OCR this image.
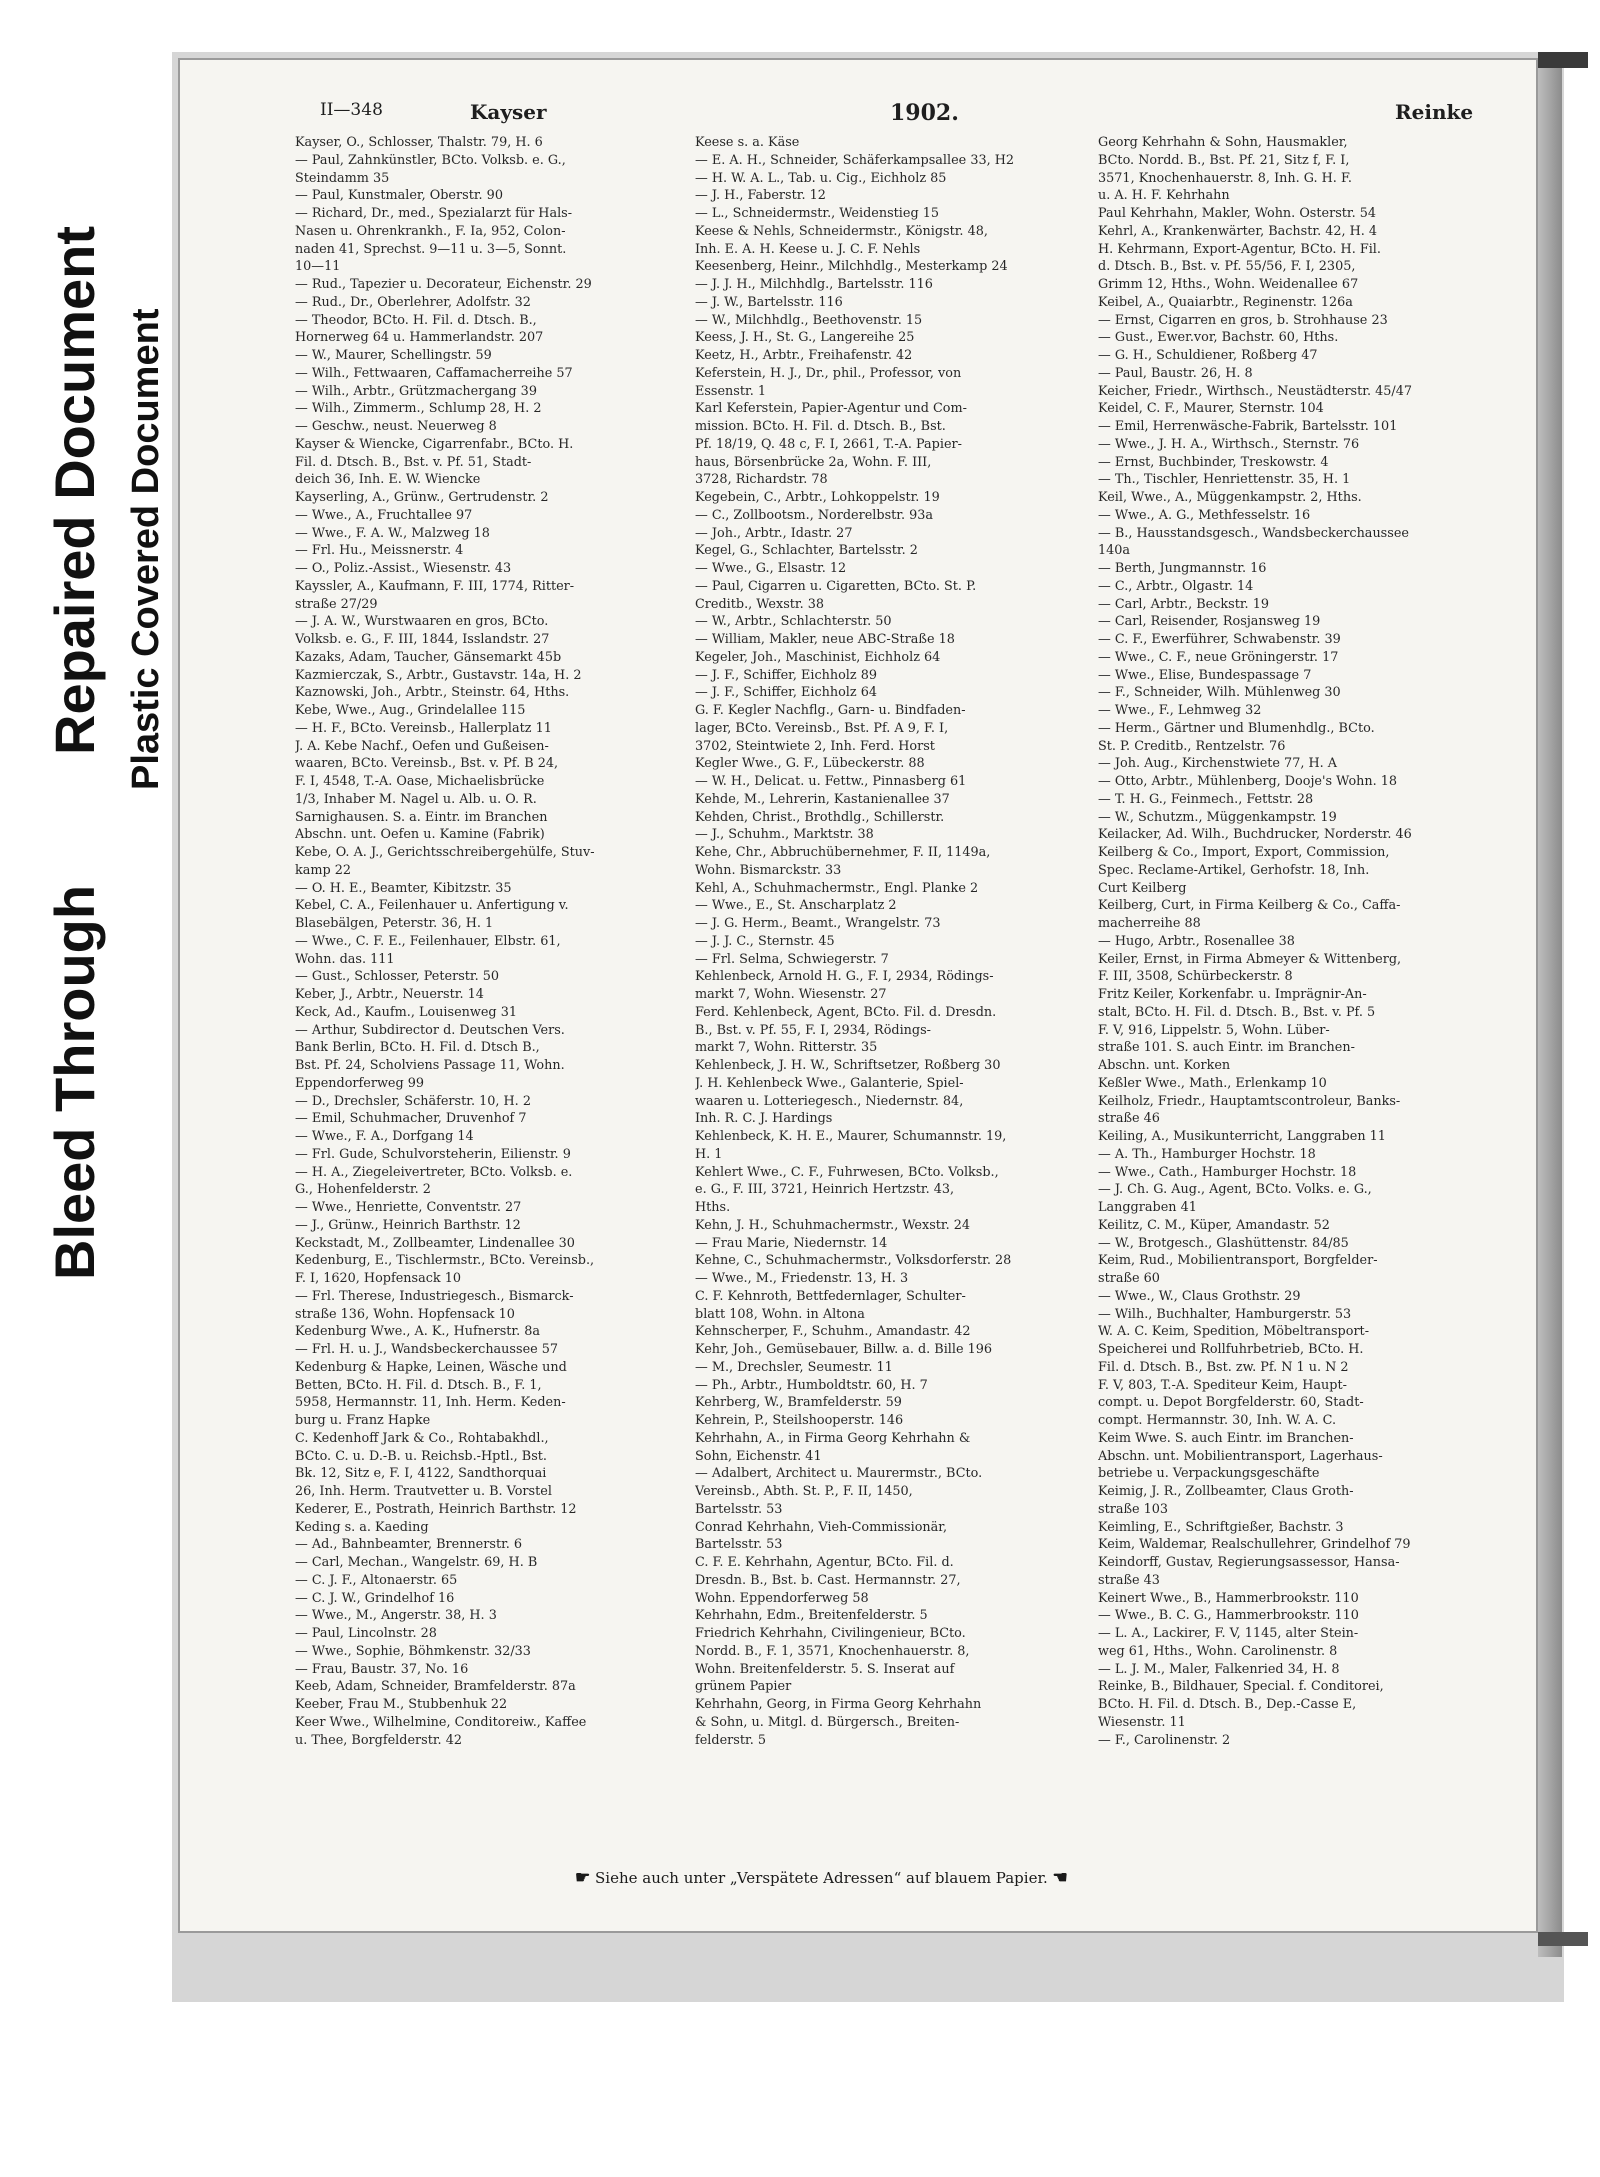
Bleed Through
Repaired Document Plastic Covered Document
II—348	Kayser	1902.	Reinke
Kayser, O., Schlosser, Thalstr. 79, H. 6
— Paul, Zahnkünstler, BCto. Volksb. e. G.,
Steindamm 35
— Paul, Kunstmaler, Oberstr. 90
— Richard, Dr., med., Spezialarzt für Hals-
Nasen u. Ohrenkrankh., F. Ia, 952, Colon-
naden 41, Sprechst. 9—11 u. 3—5, Sonnt.
10—11
— Rud., Tapezier u. Decorateur, Eichenstr. 29
— Rud., Dr., Oberlehrer, Adolfstr. 32
— Theodor, BCto. H. Fil. d. Dtsch. B.,
Hornerweg 64 u. Hammerlandstr. 207
— W., Maurer, Schellingstr. 59
— Wilh., Fettwaaren, Caffamacherreihe 57
— Wilh., Arbtr., Grützmachergang 39
— Wilh., Zimmerm., Schlump 28, H. 2
— Geschw., neust. Neuerweg 8
Kayser & Wiencke, Cigarrenfabr., BCto. H.
Fil. d. Dtsch. B., Bst. v. Pf. 51, Stadt-
deich 36, Inh. E. W. Wiencke
Kayserling, A., Grünw., Gertrudenstr. 2
— Wwe., A., Fruchtallee 97
— Wwe., F. A. W., Malzweg 18
— Frl. Hu., Meissnerstr. 4
— O., Poliz.-Assist., Wiesenstr. 43
Kayssler, A., Kaufmann, F. III, 1774, Ritter-
straße 27/29
— J. A. W., Wurstwaaren en gros, BCto.
Volksb. e. G., F. III, 1844, Isslandstr. 27
Kazaks, Adam, Taucher, Gänsemarkt 45b
Kazmierczak, S., Arbtr., Gustavstr. 14a, H. 2
Kaznowski, Joh., Arbtr., Steinstr. 64, Hths.
Kebe, Wwe., Aug., Grindelallee 115
— H. F., BCto. Vereinsb., Hallerplatz 11
J. A. Kebe Nachf., Oefen und Gußeisen-
waaren, BCto. Vereinsb., Bst. v. Pf. B 24,
F. I, 4548, T.-A. Oase, Michaelisbrücke
1/3, Inhaber M. Nagel u. Alb. u. O. R.
Sarnighausen. S. a. Eintr. im Branchen
Abschn. unt. Oefen u. Kamine (Fabrik)
Kebe, O. A. J., Gerichtsschreibergehülfe, Stuv-
kamp 22
— O. H. E., Beamter, Kibitzstr. 35
Kebel, C. A., Feilenhauer u. Anfertigung v.
Blasebälgen, Peterstr. 36, H. 1
— Wwe., C. F. E., Feilenhauer, Elbstr. 61,
Wohn. das. 111
— Gust., Schlosser, Peterstr. 50
Keber, J., Arbtr., Neuerstr. 14
Keck, Ad., Kaufm., Louisenweg 31
— Arthur, Subdirector d. Deutschen Vers.
Bank Berlin, BCto. H. Fil. d. Dtsch B.,
Bst. Pf. 24, Scholviens Passage 11, Wohn.
Eppendorferweg 99
— D., Drechsler, Schäferstr. 10, H. 2
— Emil, Schuhmacher, Druvenhof 7
— Wwe., F. A., Dorfgang 14
— Frl. Gude, Schulvorsteherin, Eilienstr. 9
— H. A., Ziegeleivertreter, BCto. Volksb. e.
G., Hohenfelderstr. 2
— Wwe., Henriette, Conventstr. 27
— J., Grünw., Heinrich Barthstr. 12
Keckstadt, M., Zollbeamter, Lindenallee 30
Kedenburg, E., Tischlermstr., BCto. Vereinsb.,
F. I, 1620, Hopfensack 10
— Frl. Therese, Industriegesch., Bismarck-
straße 136, Wohn. Hopfensack 10
Kedenburg Wwe., A. K., Hufnerstr. 8a
— Frl. H. u. J., Wandsbeckerchaussee 57
Kedenburg & Hapke, Leinen, Wäsche und
Betten, BCto. H. Fil. d. Dtsch. B., F. 1,
5958, Hermannstr. 11, Inh. Herm. Keden-
burg u. Franz Hapke
C. Kedenhoff Jark & Co., Rohtabakhdl.,
BCto. C. u. D.-B. u. Reichsb.-Hptl., Bst.
Bk. 12, Sitz e, F. I, 4122, Sandthorquai
26, Inh. Herm. Trautvetter u. B. Vorstel
Kederer, E., Postrath, Heinrich Barthstr. 12
Keding s. a. Kaeding
— Ad., Bahnbeamter, Brennerstr. 6
— Carl, Mechan., Wangelstr. 69, H. B
— C. J. F., Altonaerstr. 65
— C. J. W., Grindelhof 16
— Wwe., M., Angerstr. 38, H. 3
— Paul, Lincolnstr. 28
— Wwe., Sophie, Böhmkenstr. 32/33
— Frau, Baustr. 37, No. 16
Keeb, Adam, Schneider, Bramfelderstr. 87a
Keeber, Frau M., Stubbenhuk 22
Keer Wwe., Wilhelmine, Conditoreiw., Kaffee
u. Thee, Borgfelderstr. 42
Keese s. a. Käse
— E. A. H., Schneider, Schäferkampsallee 33, H2
— H. W. A. L., Tab. u. Cig., Eichholz 85
— J. H., Faberstr. 12
— L., Schneidermstr., Weidenstieg 15
Keese & Nehls, Schneidermstr., Königstr. 48,
Inh. E. A. H. Keese u. J. C. F. Nehls
Keesenberg, Heinr., Milchhdlg., Mesterkamp 24
— J. J. H., Milchhdlg., Bartelsstr. 116
— J. W., Bartelsstr. 116
— W., Milchhdlg., Beethovenstr. 15
Keess, J. H., St. G., Langereihe 25
Keetz, H., Arbtr., Freihafenstr. 42
Keferstein, H. J., Dr., phil., Professor, von
Essenstr. 1
Karl Keferstein, Papier-Agentur und Com-
mission. BCto. H. Fil. d. Dtsch. B., Bst.
Pf. 18/19, Q. 48 c, F. I, 2661, T.-A. Papier-
haus, Börsenbrücke 2a, Wohn. F. III,
3728, Richardstr. 78
Kegebein, C., Arbtr., Lohkoppelstr. 19
— C., Zollbootsm., Norderelbstr. 93a
— Joh., Arbtr., Idastr. 27
Kegel, G., Schlachter, Bartelsstr. 2
— Wwe., G., Elsastr. 12
— Paul, Cigarren u. Cigaretten, BCto. St. P.
Creditb., Wexstr. 38
— W., Arbtr., Schlachterstr. 50
— William, Makler, neue ABC-Straße 18
Kegeler, Joh., Maschinist, Eichholz 64
— J. F., Schiffer, Eichholz 89
— J. F., Schiffer, Eichholz 64
G. F. Kegler Nachflg., Garn- u. Bindfaden-
lager, BCto. Vereinsb., Bst. Pf. A 9, F. I,
3702, Steintwiete 2, Inh. Ferd. Horst
Kegler Wwe., G. F., Lübeckerstr. 88
— W. H., Delicat. u. Fettw., Pinnasberg 61
Kehde, M., Lehrerin, Kastanienallee 37
Kehden, Christ., Brothdlg., Schillerstr.
— J., Schuhm., Marktstr. 38
Kehe, Chr., Abbruchübernehmer, F. II, 1149a,
Wohn. Bismarckstr. 33
Kehl, A., Schuhmachermstr., Engl. Planke 2
— Wwe., E., St. Anscharplatz 2
— J. G. Herm., Beamt., Wrangelstr. 73
— J. J. C., Sternstr. 45
— Frl. Selma, Schwiegerstr. 7
Kehlenbeck, Arnold H. G., F. I, 2934, Rödings-
markt 7, Wohn. Wiesenstr. 27
Ferd. Kehlenbeck, Agent, BCto. Fil. d. Dresdn.
B., Bst. v. Pf. 55, F. I, 2934, Rödings-
markt 7, Wohn. Ritterstr. 35
Kehlenbeck, J. H. W., Schriftsetzer, Roßberg 30
J. H. Kehlenbeck Wwe., Galanterie, Spiel-
waaren u. Lotteriegesch., Niedernstr. 84,
Inh. R. C. J. Hardings
Kehlenbeck, K. H. E., Maurer, Schumannstr. 19,
H. 1
Kehlert Wwe., C. F., Fuhrwesen, BCto. Volksb.,
e. G., F. III, 3721, Heinrich Hertzstr. 43,
Hths.
Kehn, J. H., Schuhmachermstr., Wexstr. 24
— Frau Marie, Niedernstr. 14
Kehne, C., Schuhmachermstr., Volksdorferstr. 28
— Wwe., M., Friedenstr. 13, H. 3
C. F. Kehnroth, Bettfedernlager, Schulter-
blatt 108, Wohn. in Altona
Kehnscherper, F., Schuhm., Amandastr. 42
Kehr, Joh., Gemüsebauer, Billw. a. d. Bille 196
— M., Drechsler, Seumestr. 11
— Ph., Arbtr., Humboldtstr. 60, H. 7
Kehrberg, W., Bramfelderstr. 59
Kehrein, P., Steilshooperstr. 146
Kehrhahn, A., in Firma Georg Kehrhahn &
Sohn, Eichenstr. 41
— Adalbert, Architect u. Maurermstr., BCto.
Vereinsb., Abth. St. P., F. II, 1450,
Bartelsstr. 53
Conrad Kehrhahn, Vieh-Commissionär,
Bartelsstr. 53
C. F. E. Kehrhahn, Agentur, BCto. Fil. d.
Dresdn. B., Bst. b. Cast. Hermannstr. 27,
Wohn. Eppendorferweg 58
Kehrhahn, Edm., Breitenfelderstr. 5
Friedrich Kehrhahn, Civilingenieur, BCto.
Nordd. B., F. 1, 3571, Knochenhauerstr. 8,
Wohn. Breitenfelderstr. 5. S. Inserat auf
grünem Papier
Kehrhahn, Georg, in Firma Georg Kehrhahn
& Sohn, u. Mitgl. d. Bürgersch., Breiten-
felderstr. 5
Georg Kehrhahn & Sohn, Hausmakler,
BCto. Nordd. B., Bst. Pf. 21, Sitz f, F. I,
3571, Knochenhauerstr. 8, Inh. G. H. F.
u. A. H. F. Kehrhahn
Paul Kehrhahn, Makler, Wohn. Osterstr. 54
Kehrl, A., Krankenwärter, Bachstr. 42, H. 4
H. Kehrmann, Export-Agentur, BCto. H. Fil.
d. Dtsch. B., Bst. v. Pf. 55/56, F. I, 2305,
Grimm 12, Hths., Wohn. Weidenallee 67
Keibel, A., Quaiarbtr., Reginenstr. 126a
— Ernst, Cigarren en gros, b. Strohhause 23
— Gust., Ewer.vor, Bachstr. 60, Hths.
— G. H., Schuldiener, Roßberg 47
— Paul, Baustr. 26, H. 8
Keicher, Friedr., Wirthsch., Neustädterstr. 45/47
Keidel, C. F., Maurer, Sternstr. 104
— Emil, Herrenwäsche-Fabrik, Bartelsstr. 101
— Wwe., J. H. A., Wirthsch., Sternstr. 76
— Ernst, Buchbinder, Treskowstr. 4
— Th., Tischler, Henriettenstr. 35, H. 1
Keil, Wwe., A., Müggenkampstr. 2, Hths.
— Wwe., A. G., Methfesselstr. 16
— B., Hausstandsgesch., Wandsbeckerchaussee
140a
— Berth, Jungmannstr. 16
— C., Arbtr., Olgastr. 14
— Carl, Arbtr., Beckstr. 19
— Carl, Reisender, Rosjansweg 19
— C. F., Ewerführer, Schwabenstr. 39
— Wwe., C. F., neue Gröningerstr. 17
— Wwe., Elise, Bundespassage 7
— F., Schneider, Wilh. Mühlenweg 30
— Wwe., F., Lehmweg 32
— Herm., Gärtner und Blumenhdlg., BCto.
St. P. Creditb., Rentzelstr. 76
— Joh. Aug., Kirchenstwiete 77, H. A
— Otto, Arbtr., Mühlenberg, Dooje's Wohn. 18
— T. H. G., Feinmech., Fettstr. 28
— W., Schutzm., Müggenkampstr. 19
Keilacker, Ad. Wilh., Buchdrucker, Norderstr. 46
Keilberg & Co., Import, Export, Commission,
Spec. Reclame-Artikel, Gerhofstr. 18, Inh.
Curt Keilberg
Keilberg, Curt, in Firma Keilberg & Co., Caffa-
macherreihe 88
— Hugo, Arbtr., Rosenallee 38
Keiler, Ernst, in Firma Abmeyer & Wittenberg,
F. III, 3508, Schürbeckerstr. 8
Fritz Keiler, Korkenfabr. u. Imprägnir-An-
stalt, BCto. H. Fil. d. Dtsch. B., Bst. v. Pf. 5
F. V, 916, Lippelstr. 5, Wohn. Lüber-
straße 101. S. auch Eintr. im Branchen-
Abschn. unt. Korken
Keßler Wwe., Math., Erlenkamp 10
Keilholz, Friedr., Hauptamtscontroleur, Banks-
straße 46
Keiling, A., Musikunterricht, Langgraben 11
— A. Th., Hamburger Hochstr. 18
— Wwe., Cath., Hamburger Hochstr. 18
— J. Ch. G. Aug., Agent, BCto. Volks. e. G.,
Langgraben 41
Keilitz, C. M., Küper, Amandastr. 52
— W., Brotgesch., Glashüttenstr. 84/85
Keim, Rud., Mobilientransport, Borgfelder-
straße 60
— Wwe., W., Claus Grothstr. 29
— Wilh., Buchhalter, Hamburgerstr. 53
W. A. C. Keim, Spedition, Möbeltransport-
Speicherei und Rollfuhrbetrieb, BCto. H.
Fil. d. Dtsch. B., Bst. zw. Pf. N 1 u. N 2
F. V, 803, T.-A. Spediteur Keim, Haupt-
compt. u. Depot Borgfelderstr. 60, Stadt-
compt. Hermannstr. 30, Inh. W. A. C.
Keim Wwe. S. auch Eintr. im Branchen-
Abschn. unt. Mobilientransport, Lagerhaus-
betriebe u. Verpackungsgeschäfte
Keimig, J. R., Zollbeamter, Claus Groth-
straße 103
Keimling, E., Schriftgießer, Bachstr. 3
Keim, Waldemar, Realschullehrer, Grindelhof 79
Keindorff, Gustav, Regierungsassessor, Hansa-
straße 43
Keinert Wwe., B., Hammerbrookstr. 110
— Wwe., B. C. G., Hammerbrookstr. 110
— L. A., Lackirer, F. V, 1145, alter Stein-
weg 61, Hths., Wohn. Carolinenstr. 8
— L. J. M., Maler, Falkenried 34, H. 8
Reinke, B., Bildhauer, Special. f. Conditorei,
BCto. H. Fil. d. Dtsch. B., Dep.-Casse E,
Wiesenstr. 11
— F., Carolinenstr. 2
☛ Siehe auch unter „Verspätete Adressen“ auf blauem Papier. ☚
